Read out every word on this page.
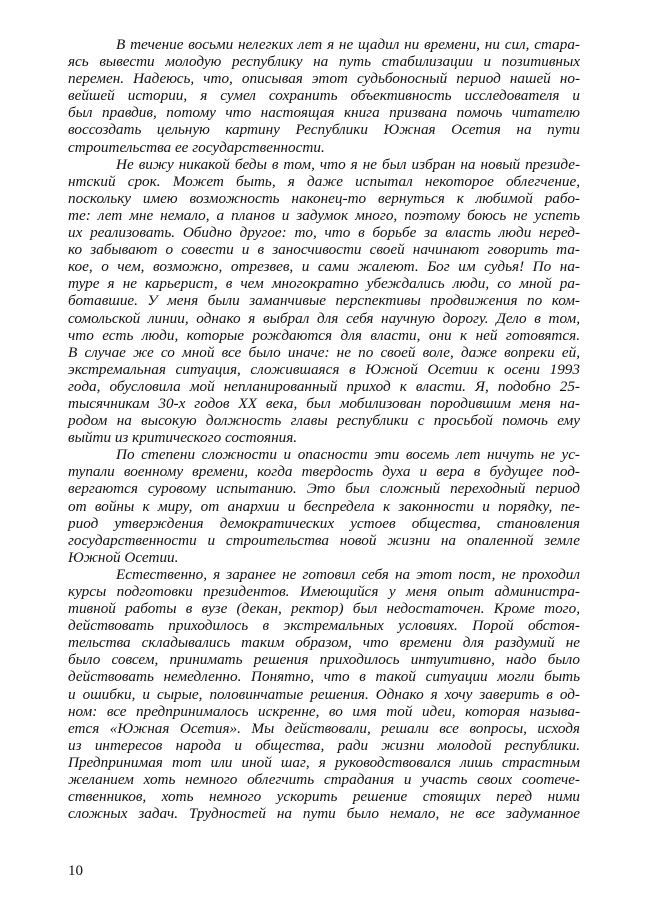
В течение восьми нелегких лет я не щадил ни времени, ни сил, стара-
ясь вывести молодую республику на путь стабилизации и позитивных
перемен. Надеюсь, что, описывая этот судьбоносный период нашей но-
вейшей истории, я сумел сохранить объективность исследователя и
был правдив, потому что настоящая книга призвана помочь читателю
воссоздать цельную картину Республики Южная Осетия на пути
строительства ее государственности.
Не вижу никакой беды в том, что я не был избран на новый президе-
нтский срок. Может быть, я даже испытал некоторое облегчение,
поскольку имею возможность наконец-то вернуться к любимой рабо-
те: лет мне немало, а планов и задумок много, поэтому боюсь не успеть
их реализовать. Обидно другое: то, что в борьбе за власть люди неред-
ко забывают о совести и в заносчивости своей начинают говорить та-
кое, о чем, возможно, отрезвев, и сами жалеют. Бог им судья! По на-
туре я не карьерист, в чем многократно убеждались люди, со мной ра-
ботавшие. У меня были заманчивые перспективы продвижения по ком-
сомольской линии, однако я выбрал для себя научную дорогу. Дело в том,
что есть люди, которые рождаются для власти, они к ней готовятся.
В случае же со мной все было иначе: не по своей воле, даже вопреки ей,
экстремальная ситуация, сложившаяся в Южной Осетии к осени 1993
года, обусловила мой непланированный приход к власти. Я, подобно 25-
тысячникам 30-х годов XX века, был мобилизован породившим меня на-
родом на высокую должность главы республики с просьбой помочь ему
выйти из критического состояния.
По степени сложности и опасности эти восемь лет ничуть не ус-
тупали военному времени, когда твердость духа и вера в будущее под-
вергаются суровому испытанию. Это был сложный переходный период
от войны к миру, от анархии и беспредела к законности и порядку, пе-
риод утверждения демократических устоев общества, становления
государственности и строительства новой жизни на опаленной земле
Южной Осетии.
Естественно, я заранее не готовил себя на этот пост, не проходил
курсы подготовки президентов. Имеющийся у меня опыт администра-
тивной работы в вузе (декан, ректор) был недостаточен. Кроме того,
действовать приходилось в экстремальных условиях. Порой обстоя-
тельства складывались таким образом, что времени для раздумий не
было совсем, принимать решения приходилось интуитивно, надо было
действовать немедленно. Понятно, что в такой ситуации могли быть
и ошибки, и сырые, половинчатые решения. Однако я хочу заверить в од-
ном: все предпринималось искренне, во имя той идеи, которая называ-
ется «Южная Осетия». Мы действовали, решали все вопросы, исходя
из интересов народа и общества, ради жизни молодой республики.
Предпринимая тот или иной шаг, я руководствовался лишь страстным
желанием хоть немного облегчить страдания и участь своих соотече-
ственников, хоть немного ускорить решение стоящих перед ними
сложных задач. Трудностей на пути было немало, не все задуманное
10
